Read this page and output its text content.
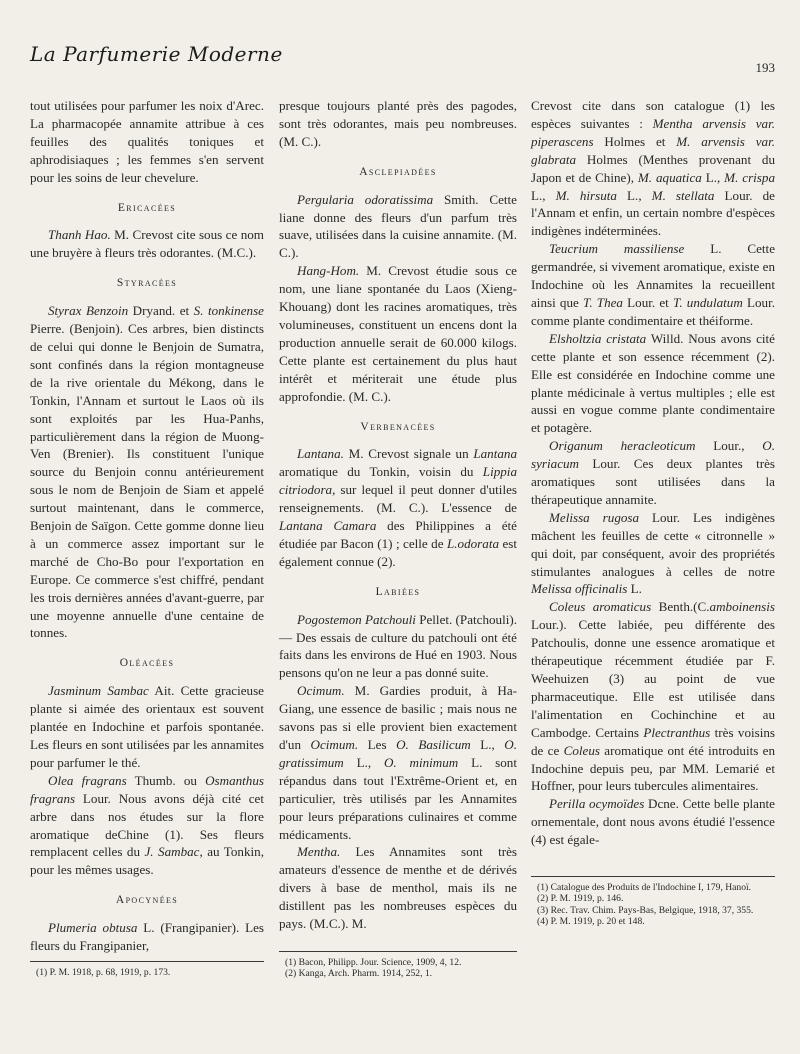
La Parfumerie Moderne
193

tout utilisées pour parfumer les noix d'Arec. La pharmacopée annamite attribue à ces feuilles des qualités toniques et aphrodisiaques ; les femmes s'en servent pour les soins de leur chevelure.

Ericacées

Thanh Hao. M. Crevost cite sous ce nom une bruyère à fleurs très odorantes. (M.C.).

Styracées

Styrax Benzoin Dryand. et S. tonkinense Pierre. (Benjoin). Ces arbres, bien distincts de celui qui donne le Benjoin de Sumatra, sont confinés dans la région montagneuse de la rive orientale du Mékong, dans le Tonkin, l'Annam et surtout le Laos où ils sont exploités par les Hua-Panhs, particulièrement dans la région de Muong-Ven (Brenier). Ils constituent l'unique source du Benjoin connu antérieurement sous le nom de Benjoin de Siam et appelé surtout maintenant, dans le commerce, Benjoin de Saïgon. Cette gomme donne lieu à un commerce assez important sur le marché de Cho-Bo pour l'exportation en Europe. Ce commerce s'est chiffré, pendant les trois dernières années d'avant-guerre, par une moyenne annuelle d'une centaine de tonnes.

Oléacées

Jasminum Sambac Ait. Cette gracieuse plante si aimée des orientaux est souvent plantée en Indochine et parfois spontanée. Les fleurs en sont utilisées par les annamites pour parfumer le thé.

Olea fragrans Thumb. ou Osmanthus fragrans Lour. Nous avons déjà cité cet arbre dans nos études sur la flore aromatique deChine (1). Ses fleurs remplacent celles du J. Sambac, au Tonkin, pour les mêmes usages.

Apocynées

Plumeria obtusa L. (Frangipanier). Les fleurs du Frangipanier,

(1) P. M. 1918, p. 68, 1919, p. 173.

presque toujours planté près des pagodes, sont très odorantes, mais peu nombreuses. (M. C.).

Asclepiadées

Pergularia odoratissima Smith. Cette liane donne des fleurs d'un parfum très suave, utilisées dans la cuisine annamite. (M. C.).

Hang-Hom. M. Crevost étudie sous ce nom, une liane spontanée du Laos (Xieng-Khouang) dont les racines aromatiques, très volumineuses, constituent un encens dont la production annuelle serait de 60.000 kilogs. Cette plante est certainement du plus haut intérêt et mériterait une étude plus approfondie. (M. C.).

Verbenacées

Lantana. M. Crevost signale un Lantana aromatique du Tonkin, voisin du Lippia citriodora, sur lequel il peut donner d'utiles renseignements. (M. C.). L'essence de Lantana Camara des Philippines a été étudiée par Bacon (1) ; celle de L.odorata est également connue (2).

Labiées

Pogostemon Patchouli Pellet. (Patchouli).— Des essais de culture du patchouli ont été faits dans les environs de Hué en 1903. Nous pensons qu'on ne leur a pas donné suite.

Ocimum. M. Gardies produit, à Ha-Giang, une essence de basilic ; mais nous ne savons pas si elle provient bien exactement d'un Ocimum. Les O. Basilicum L., O. gratissimum L., O. minimum L. sont répandus dans tout l'Extrême-Orient et, en particulier, très utilisés par les Annamites pour leurs préparations culinaires et comme médicaments.

Mentha. Les Annamites sont très amateurs d'essence de menthe et de dérivés divers à base de menthol, mais ils ne distillent pas les nombreuses espèces du pays. (M.C.). M.

(1) Bacon, Philipp. Jour. Science, 1909, 4, 12.
(2) Kanga, Arch. Pharm. 1914, 252, 1.

Crevost cite dans son catalogue (1) les espèces suivantes : Mentha arvensis var. piperascens Holmes et M. arvensis var. glabrata Holmes (Menthes provenant du Japon et de Chine), M. aquatica L., M. crispa L., M. hirsuta L., M. stellata Lour. de l'Annam et enfin, un certain nombre d'espèces indigènes indéterminées.

Teucrium massiliense L. Cette germandrée, si vivement aromatique, existe en Indochine où les Annamites la recueillent ainsi que T. Thea Lour. et T. undulatum Lour. comme plante condimentaire et théiforme.

Elsholtzia cristata Willd. Nous avons cité cette plante et son essence récemment (2). Elle est considérée en Indochine comme une plante médicinale à vertus multiples ; elle est aussi en vogue comme plante condimentaire et potagère.

Origanum heracleoticum Lour., O. syriacum Lour. Ces deux plantes très aromatiques sont utilisées dans la thérapeutique annamite.

Melissa rugosa Lour. Les indigènes mâchent les feuilles de cette « citronnelle » qui doit, par conséquent, avoir des propriétés stimulantes analogues à celles de notre Melissa officinalis L.

Coleus aromaticus Benth.(C.amboinensis Lour.). Cette labiée, peu différente des Patchoulis, donne une essence aromatique et thérapeutique récemment étudiée par F. Weehuizen (3) au point de vue pharmaceutique. Elle est utilisée dans l'alimentation en Cochinchine et au Cambodge. Certains Plectranthus très voisins de ce Coleus aromatique ont été introduits en Indochine depuis peu, par MM. Lemarié et Hoffner, pour leurs tubercules alimentaires.

Perilla ocymoïdes Dcne. Cette belle plante ornementale, dont nous avons étudié l'essence (4) est égale-

(1) Catalogue des Produits de l'Indochine I, 179, Hanoï.
(2) P. M. 1919, p. 146.
(3) Rec. Trav. Chim. Pays-Bas, Belgique, 1918, 37, 355.
(4) P. M. 1919, p. 20 et 148.
